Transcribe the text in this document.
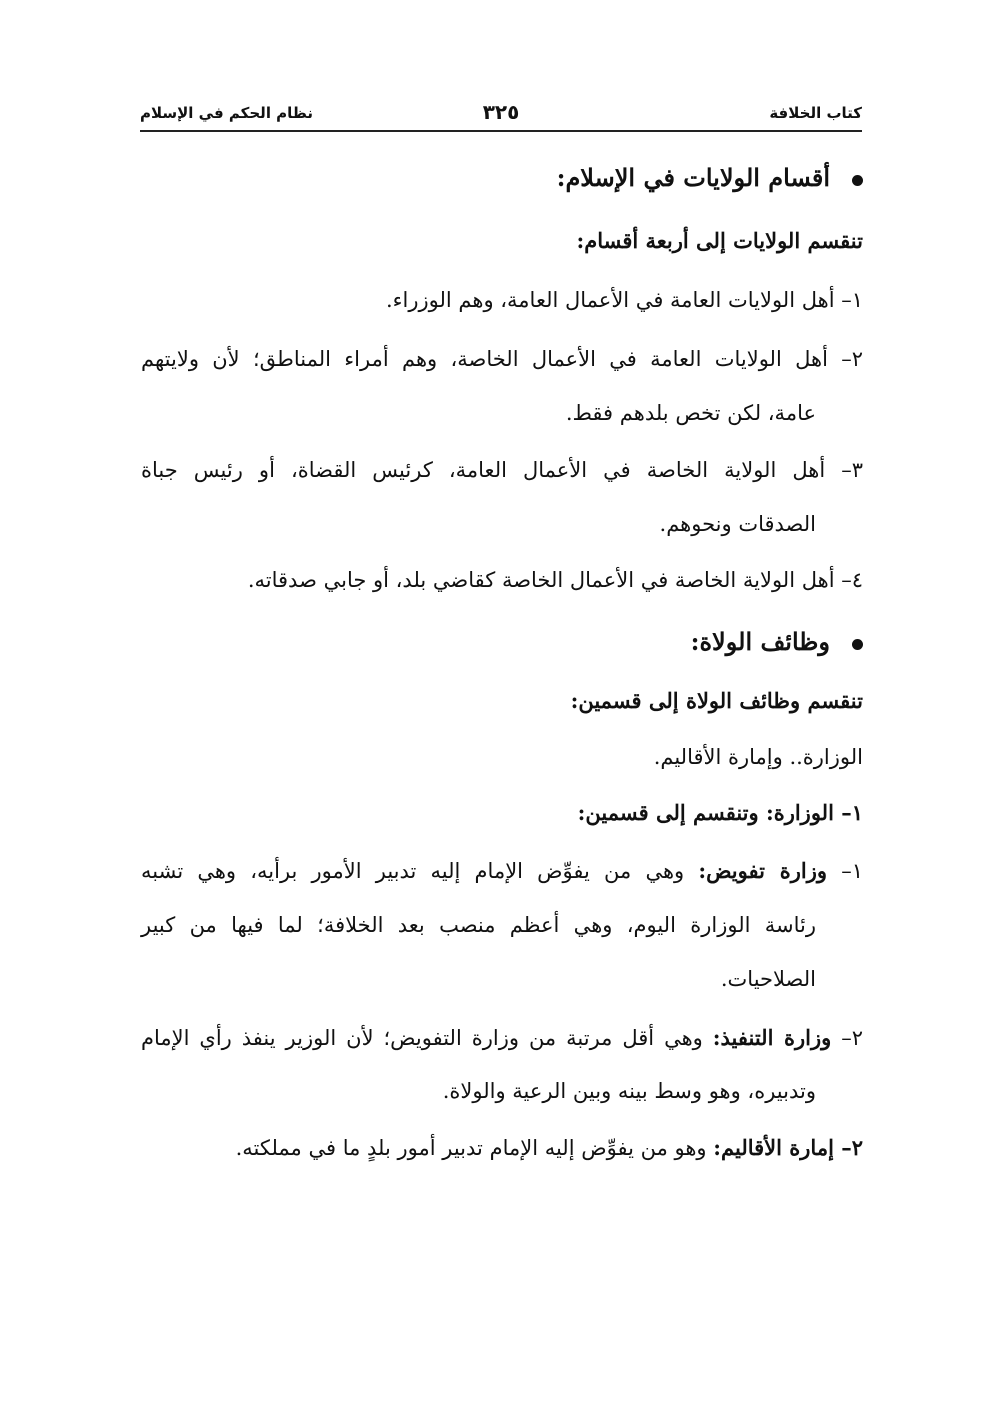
كتاب الخلافة
٣٢٥
نظام الحكم في الإسلام
أقسام الولايات في الإسلام:
تنقسم الولايات إلى أربعة أقسام:
١– أهل الولايات العامة في الأعمال العامة، وهم الوزراء.
٢– أهل الولايات العامة في الأعمال الخاصة، وهم أمراء المناطق؛ لأن ولايتهم
عامة، لكن تخص بلدهم فقط.
٣– أهل الولاية الخاصة في الأعمال العامة، كرئيس القضاة، أو رئيس جباة
الصدقات ونحوهم.
٤– أهل الولاية الخاصة في الأعمال الخاصة كقاضي بلد، أو جابي صدقاته.
وظائف الولاة:
تنقسم وظائف الولاة إلى قسمين:
الوزارة.. وإمارة الأقاليم.
١– الوزارة: وتنقسم إلى قسمين:
١– وزارة تفويض: وهي من يفوِّض الإمام إليه تدبير الأمور برأيه، وهي تشبه
رئاسة الوزارة اليوم، وهي أعظم منصب بعد الخلافة؛ لما فيها من كبير
الصلاحيات.
٢– وزارة التنفيذ: وهي أقل مرتبة من وزارة التفويض؛ لأن الوزير ينفذ رأي الإمام
وتدبيره، وهو وسط بينه وبين الرعية والولاة.
٢– إمارة الأقاليم: وهو من يفوِّض إليه الإمام تدبير أمور بلدٍ ما في مملكته.
